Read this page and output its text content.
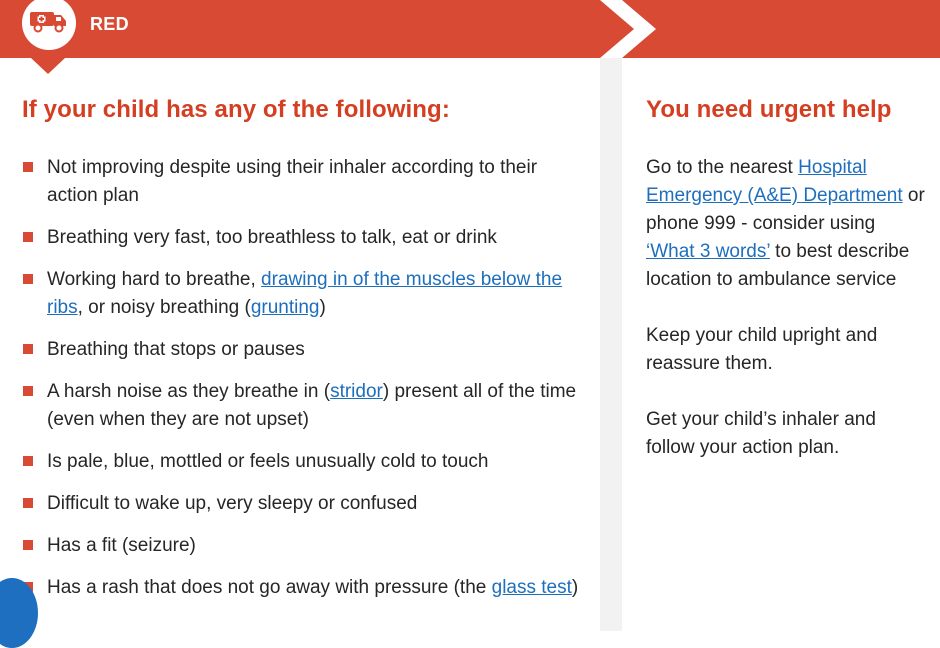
RED
If your child has any of the following:
Not improving despite using their inhaler according to their action plan
Breathing very fast, too breathless to talk, eat or drink
Working hard to breathe, drawing in of the muscles below the ribs, or noisy breathing (grunting)
Breathing that stops or pauses
A harsh noise as they breathe in (stridor) present all of the time (even when they are not upset)
Is pale, blue, mottled or feels unusually cold to touch
Difficult to wake up, very sleepy or confused
Has a fit (seizure)
Has a rash that does not go away with pressure (the glass test)
You need urgent help

Go to the nearest Hospital Emergency (A&E) Department or phone 999 - consider using ‘What 3 words’ to best describe location to ambulance service

Keep your child upright and reassure them.

Get your child’s inhaler and follow your action plan.
